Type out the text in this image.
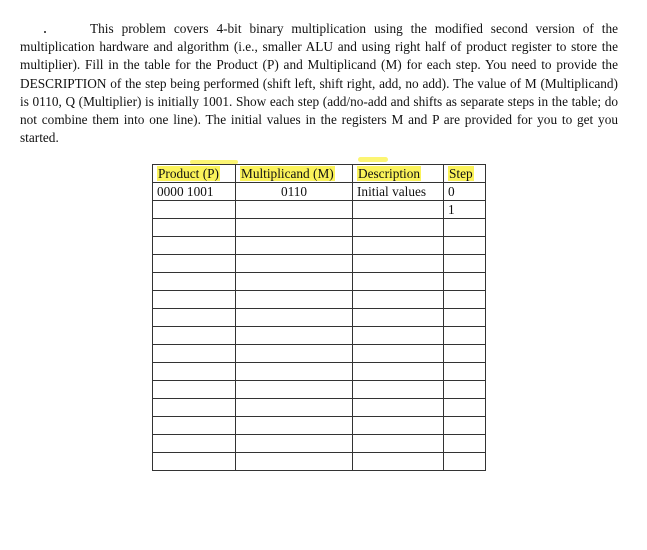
This problem covers 4-bit binary multiplication using the modified second version of the multiplication hardware and algorithm (i.e., smaller ALU and using right half of product register to store the multiplier). Fill in the table for the Product (P) and Multiplicand (M) for each step. You need to provide the DESCRIPTION of the step being performed (shift left, shift right, add, no add). The value of M (Multiplicand) is 0110, Q (Multiplier) is initially 1001. Show each step (add/no-add and shifts as separate steps in the table; do not combine them into one line). The initial values in the registers M and P are provided for you to get you started.

Product (P)	Multiplicand (M)	Description	Step
0000 1001	0110	Initial values	0
			1
